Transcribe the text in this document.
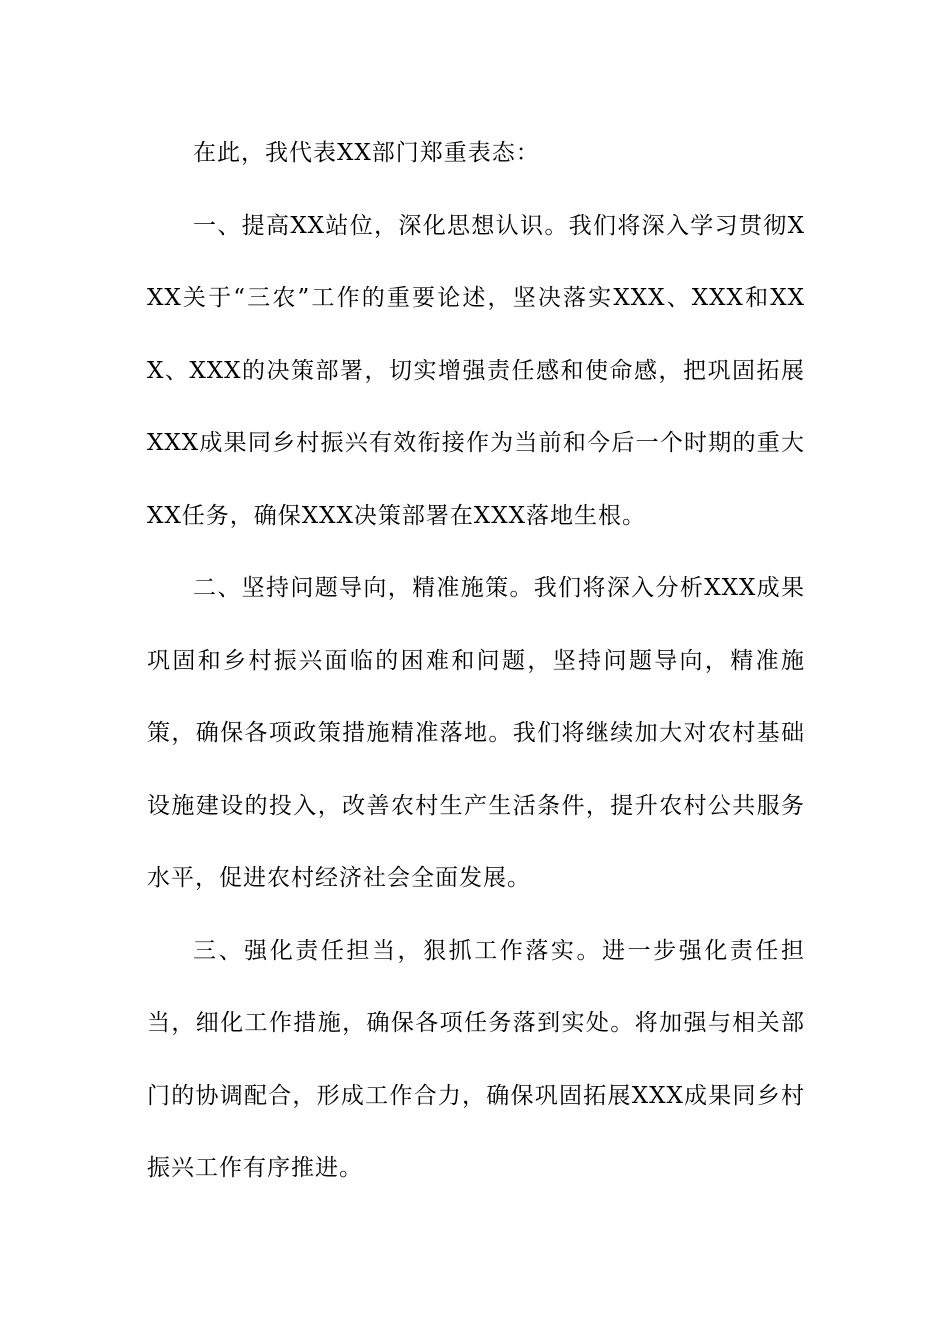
在此，我代表XX部门郑重表态：

一、提高XX站位，深化思想认识。我们将深入学习贯彻XXX关于“三农”工作的重要论述，坚决落实XXX、XXX和XXX、XXX的决策部署，切实增强责任感和使命感，把巩固拓展XXX成果同乡村振兴有效衔接作为当前和今后一个时期的重大XX任务，确保XXX决策部署在XXX落地生根。

二、坚持问题导向，精准施策。我们将深入分析XXX成果巩固和乡村振兴面临的困难和问题，坚持问题导向，精准施策，确保各项政策措施精准落地。我们将继续加大对农村基础设施建设的投入，改善农村生产生活条件，提升农村公共服务水平，促进农村经济社会全面发展。

三、强化责任担当，狠抓工作落实。进一步强化责任担当，细化工作措施，确保各项任务落到实处。将加强与相关部门的协调配合，形成工作合力，确保巩固拓展XXX成果同乡村振兴工作有序推进。
